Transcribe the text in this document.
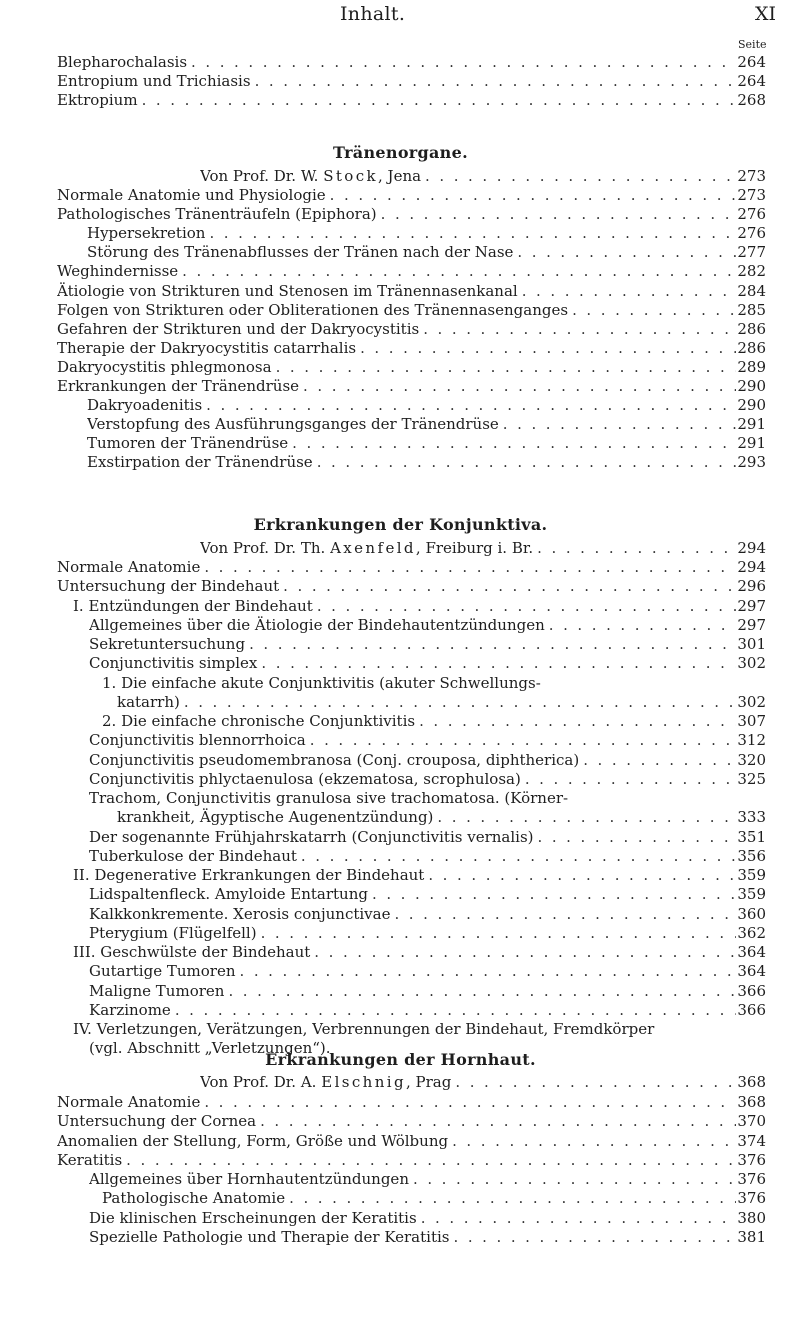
Inhalt.	XI
Seite
Blepharochalasis . . .	264
Entropium und Trichiasis . . .	264
Ektropium . . .	268
Tränenorgane.
Von Prof. Dr. W. Stock, Jena . . .	273
Normale Anatomie und Physiologie . . .	273
Pathologisches Tränenträufeln (Epiphora) . . .	276
Hypersekretion . . .	276
Störung des Tränenabflusses der Tränen nach der Nase . . .	277
Weghindernisse . . .	282
Ätiologie von Strikturen und Stenosen im Tränennasenkanal . . .	284
Folgen von Strikturen oder Obliterationen des Tränennasenganges . . .	285
Gefahren der Strikturen und der Dakryocystitis . . .	286
Therapie der Dakryocystitis catarrhalis . . .	286
Dakryocystitis phlegmonosa . . .	289
Erkrankungen der Tränendrüse . . .	290
Dakryoadenitis . . .	290
Verstopfung des Ausführungsganges der Tränendrüse . . .	291
Tumoren der Tränendrüse . . .	291
Exstirpation der Tränendrüse . . .	293
Erkrankungen der Konjunktiva.
Von Prof. Dr. Th. Axenfeld, Freiburg i. Br. . . .	294
Normale Anatomie . . .	294
Untersuchung der Bindehaut . . .	296
I. Entzündungen der Bindehaut . . .	297
Allgemeines über die Ätiologie der Bindehautentzündungen . . .	297
Sekretuntersuchung . . .	301
Conjunctivitis simplex . . .	302
1. Die einfache akute Conjunktivitis (akuter Schwellungs-
katarrh) . . .	302
2. Die einfache chronische Conjunktivitis . . .	307
Conjunctivitis blennorrhoica . . .	312
Conjunctivitis pseudomembranosa (Conj. crouposa, diphtherica) . . .	320
Conjunctivitis phlyctaenulosa (ekzematosa, scrophulosa) . . .	325
Trachom, Conjunctivitis granulosa sive trachomatosa. (Körner-
krankheit, Ägyptische Augenentzündung) . . .	333
Der sogenannte Frühjahrskatarrh (Conjunctivitis vernalis) . . .	351
Tuberkulose der Bindehaut . . .	356
II. Degenerative Erkrankungen der Bindehaut . . .	359
Lidspaltenfleck. Amyloide Entartung . . .	359
Kalkkonkremente. Xerosis conjunctivae . . .	360
Pterygium (Flügelfell) . . .	362
III. Geschwülste der Bindehaut . . .	364
Gutartige Tumoren . . .	364
Maligne Tumoren . . .	366
Karzinome . . .	366
IV. Verletzungen, Verätzungen, Verbrennungen der Bindehaut, Fremdkörper
(vgl. Abschnitt „Verletzungen“).
Erkrankungen der Hornhaut.
Von Prof. Dr. A. Elschnig, Prag . . .	368
Normale Anatomie . . .	368
Untersuchung der Cornea . . .	370
Anomalien der Stellung, Form, Größe und Wölbung . . .	374
Keratitis . . .	376
Allgemeines über Hornhautentzündungen . . .	376
Pathologische Anatomie . . .	376
Die klinischen Erscheinungen der Keratitis . . .	380
Spezielle Pathologie und Therapie der Keratitis . . .	381
